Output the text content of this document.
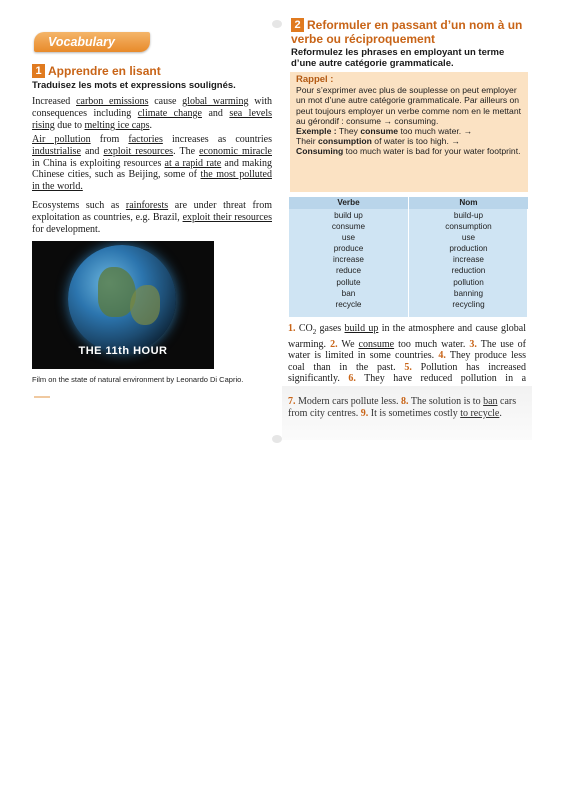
Vocabulary
1 Apprendre en lisant
Traduisez les mots et expressions soulignés.
Increased carbon emissions cause global warming with consequences including climate change and sea levels rising due to melting ice caps.
Air pollution from factories increases as countries industrialise and exploit resources. The economic miracle in China is exploiting resources at a rapid rate and making Chinese cities, such as Beijing, some of the most polluted in the world.
Ecosystems such as rainforests are under threat from exploitation as countries, e.g. Brazil, exploit their resources for development.
THE 11th HOUR
Film on the state of natural environment by Leonardo Di Caprio.
2 Reformuler en passant d’un nom à un verbe ou réciproquement
Reformulez les phrases en employant un terme d’une autre catégorie grammaticale.
Rappel :
Pour s’exprimer avec plus de souplesse on peut employer un mot d’une autre catégorie grammaticale. Par ailleurs on peut toujours employer un verbe comme nom en le mettant au gérondif : consume → consuming.
Exemple : They consume too much water. →
Their consumption of water is too high. →
Consuming too much water is bad for your water footprint.
Verbe
build up
consume
use
produce
increase
reduce
pollute
ban
recycle
Nom
build-up
consumption
use
production
increase
reduction
pollution
banning
recycling
1. $CO_2$ gases build up in the atmosphere and cause global warming. 2. We consume too much water. 3. The use of water is limited in some countries. 4. They produce less coal than in the past. 5. Pollution has increased significantly. 6. They have reduced pollution in a
7. Modern cars pollute less. 8. The solution is to ban cars from city centres. 9. It is sometimes costly to recycle.
